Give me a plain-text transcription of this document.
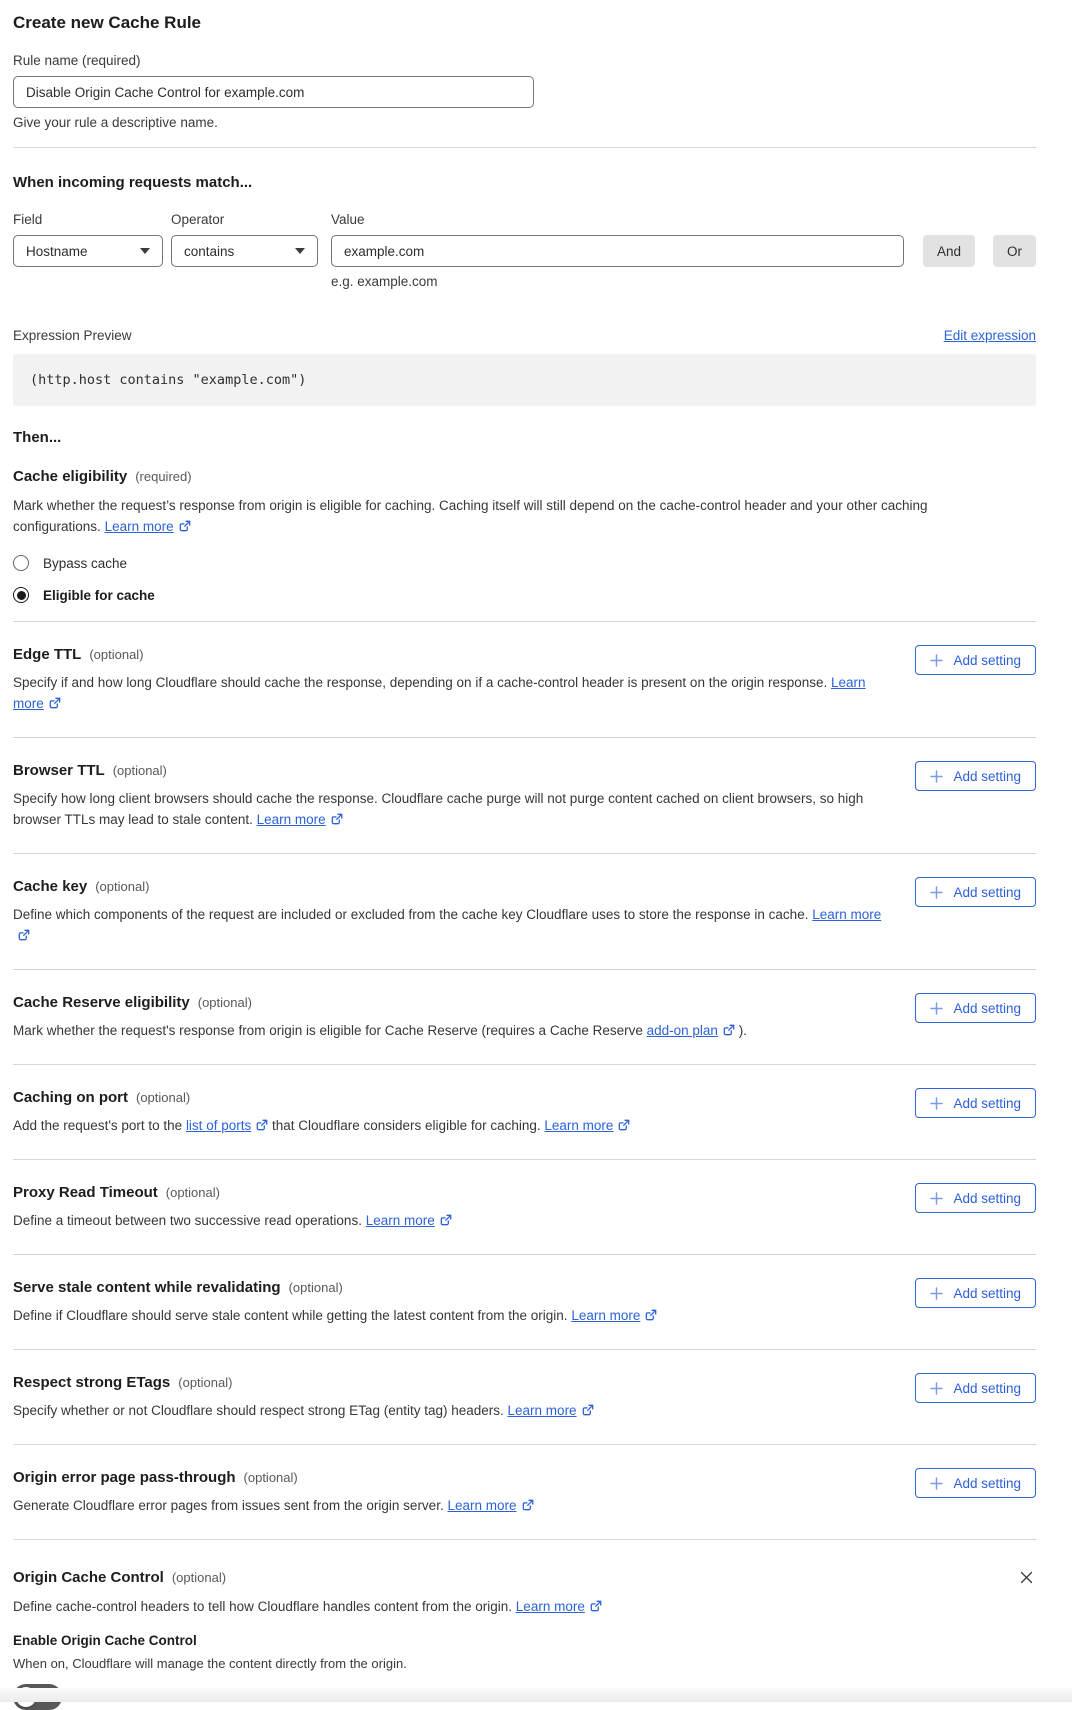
Create new Cache Rule
Rule name (required)
Disable Origin Cache Control for example.com
Give your rule a descriptive name.
When incoming requests match...
Field
Hostname
Operator
contains
Value
example.com
e.g. example.com
And	Or
Expression Preview	Edit expression
(http.host contains "example.com")
Then...
Cache eligibility (required)
Mark whether the request’s response from origin is eligible for caching. Caching itself will still depend on the cache-control header and your other caching configurations. Learn more
Bypass cache
Eligible for cache
Edge TTL (optional)
Specify if and how long Cloudflare should cache the response, depending on if a cache-control header is present on the origin response. Learn more
Add setting
Browser TTL (optional)
Specify how long client browsers should cache the response. Cloudflare cache purge will not purge content cached on client browsers, so high browser TTLs may lead to stale content. Learn more
Add setting
Cache key (optional)
Define which components of the request are included or excluded from the cache key Cloudflare uses to store the response in cache. Learn more
Add setting
Cache Reserve eligibility (optional)
Mark whether the request's response from origin is eligible for Cache Reserve (requires a Cache Reserve add-on plan ).
Add setting
Caching on port (optional)
Add the request's port to the list of ports that Cloudflare considers eligible for caching. Learn more
Add setting
Proxy Read Timeout (optional)
Define a timeout between two successive read operations. Learn more
Add setting
Serve stale content while revalidating (optional)
Define if Cloudflare should serve stale content while getting the latest content from the origin. Learn more
Add setting
Respect strong ETags (optional)
Specify whether or not Cloudflare should respect strong ETag (entity tag) headers. Learn more
Add setting
Origin error page pass-through (optional)
Generate Cloudflare error pages from issues sent from the origin server. Learn more
Add setting
Origin Cache Control (optional)
Define cache-control headers to tell how Cloudflare handles content from the origin. Learn more
Enable Origin Cache Control
When on, Cloudflare will manage the content directly from the origin.
